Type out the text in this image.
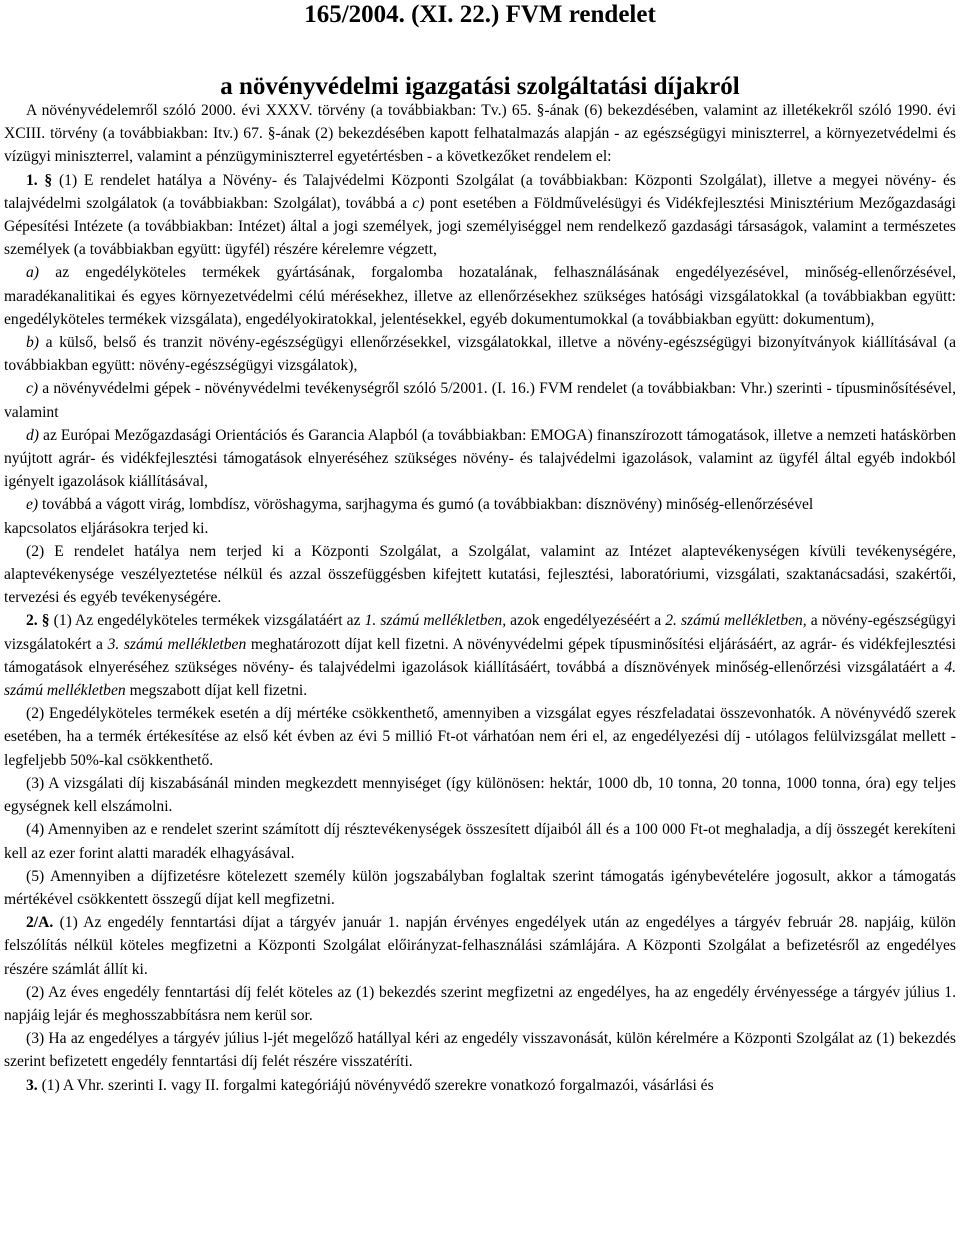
165/2004. (XI. 22.) FVM rendelet
a növényvédelmi igazgatási szolgáltatási díjakról

A növényvédelemről szóló 2000. évi XXXV. törvény (a továbbiakban: Tv.) 65. §-ának (6) bekezdésében, valamint az illetékekről szóló 1990. évi XCIII. törvény (a továbbiakban: Itv.) 67. §-ának (2) bekezdésében kapott felhatalmazás alapján - az egészségügyi miniszterrel, a környezetvédelmi és vízügyi miniszterrel, valamint a pénzügyminiszterrel egyetértésben - a következőket rendelem el:

1. § (1) E rendelet hatálya a Növény- és Talajvédelmi Központi Szolgálat (a továbbiakban: Központi Szolgálat), illetve a megyei növény- és talajvédelmi szolgálatok (a továbbiakban: Szolgálat), továbbá a c) pont esetében a Földművelésügyi és Vidékfejlesztési Minisztérium Mezőgazdasági Gépesítési Intézete (a továbbiakban: Intézet) által a jogi személyek, jogi személyiséggel nem rendelkező gazdasági társaságok, valamint a természetes személyek (a továbbiakban együtt: ügyfél) részére kérelemre végzett,

a) az engedélyköteles termékek gyártásának, forgalomba hozatalának, felhasználásának engedélyezésével, minőség-ellenőrzésével, maradékanalitikai és egyes környezetvédelmi célú mérésekhez, illetve az ellenőrzésekhez szükséges hatósági vizsgálatokkal (a továbbiakban együtt: engedélyköteles termékek vizsgálata), engedélyokiratokkal, jelentésekkel, egyéb dokumentumokkal (a továbbiakban együtt: dokumentum),

b) a külső, belső és tranzit növény-egészségügyi ellenőrzésekkel, vizsgálatokkal, illetve a növény-egészségügyi bizonyítványok kiállításával (a továbbiakban együtt: növény-egészségügyi vizsgálatok),

c) a növényvédelmi gépek - növényvédelmi tevékenységről szóló 5/2001. (I. 16.) FVM rendelet (a továbbiakban: Vhr.) szerinti - típusminősítésével, valamint

d) az Európai Mezőgazdasági Orientációs és Garancia Alapból (a továbbiakban: EMOGA) finanszírozott támogatások, illetve a nemzeti hatáskörben nyújtott agrár- és vidékfejlesztési támogatások elnyeréséhez szükséges növény- és talajvédelmi igazolások, valamint az ügyfél által egyéb indokból igényelt igazolások kiállításával,

e) továbbá a vágott virág, lombdísz, vöröshagyma, sarjhagyma és gumó (a továbbiakban: dísznövény) minőség-ellenőrzésével

kapcsolatos eljárásokra terjed ki.

(2) E rendelet hatálya nem terjed ki a Központi Szolgálat, a Szolgálat, valamint az Intézet alaptevékenységen kívüli tevékenységére, alaptevékenysége veszélyeztetése nélkül és azzal összefüggésben kifejtett kutatási, fejlesztési, laboratóriumi, vizsgálati, szaktanácsadási, szakértői, tervezési és egyéb tevékenységére.

2. § (1) Az engedélyköteles termékek vizsgálatáért az 1. számú mellékletben, azok engedélyezéséért a 2. számú mellékletben, a növény-egészségügyi vizsgálatokért a 3. számú mellékletben meghatározott díjat kell fizetni. A növényvédelmi gépek típusminősítési eljárásáért, az agrár- és vidékfejlesztési támogatások elnyeréséhez szükséges növény- és talajvédelmi igazolások kiállításáért, továbbá a dísznövények minőség-ellenőrzési vizsgálatáért a 4. számú mellékletben megszabott díjat kell fizetni.

(2) Engedélyköteles termékek esetén a díj mértéke csökkenthető, amennyiben a vizsgálat egyes részfeladatai összevonhatók. A növényvédő szerek esetében, ha a termék értékesítése az első két évben az évi 5 millió Ft-ot várhatóan nem éri el, az engedélyezési díj - utólagos felülvizsgálat mellett - legfeljebb 50%-kal csökkenthető.

(3) A vizsgálati díj kiszabásánál minden megkezdett mennyiséget (így különösen: hektár, 1000 db, 10 tonna, 20 tonna, 1000 tonna, óra) egy teljes egységnek kell elszámolni.

(4) Amennyiben az e rendelet szerint számított díj résztevékenységek összesített díjaiból áll és a 100 000 Ft-ot meghaladja, a díj összegét kerekíteni kell az ezer forint alatti maradék elhagyásával.

(5) Amennyiben a díjfizetésre kötelezett személy külön jogszabályban foglaltak szerint támogatás igénybevételére jogosult, akkor a támogatás mértékével csökkentett összegű díjat kell megfizetni.

2/A. (1) Az engedély fenntartási díjat a tárgyév január 1. napján érvényes engedélyek után az engedélyes a tárgyév február 28. napjáig, külön felszólítás nélkül köteles megfizetni a Központi Szolgálat előirányzat-felhasználási számlájára. A Központi Szolgálat a befizetésről az engedélyes részére számlát állít ki.

(2) Az éves engedély fenntartási díj felét köteles az (1) bekezdés szerint megfizetni az engedélyes, ha az engedély érvényessége a tárgyév július 1. napjáig lejár és meghosszabbításra nem kerül sor.

(3) Ha az engedélyes a tárgyév július l-jét megelőző hatállyal kéri az engedély visszavonását, külön kérelmére a Központi Szolgálat az (1) bekezdés szerint befizetett engedély fenntartási díj felét részére visszatéríti.

3. (1) A Vhr. szerinti I. vagy II. forgalmi kategóriájú növényvédő szerekre vonatkozó forgalmazói, vásárlási és
